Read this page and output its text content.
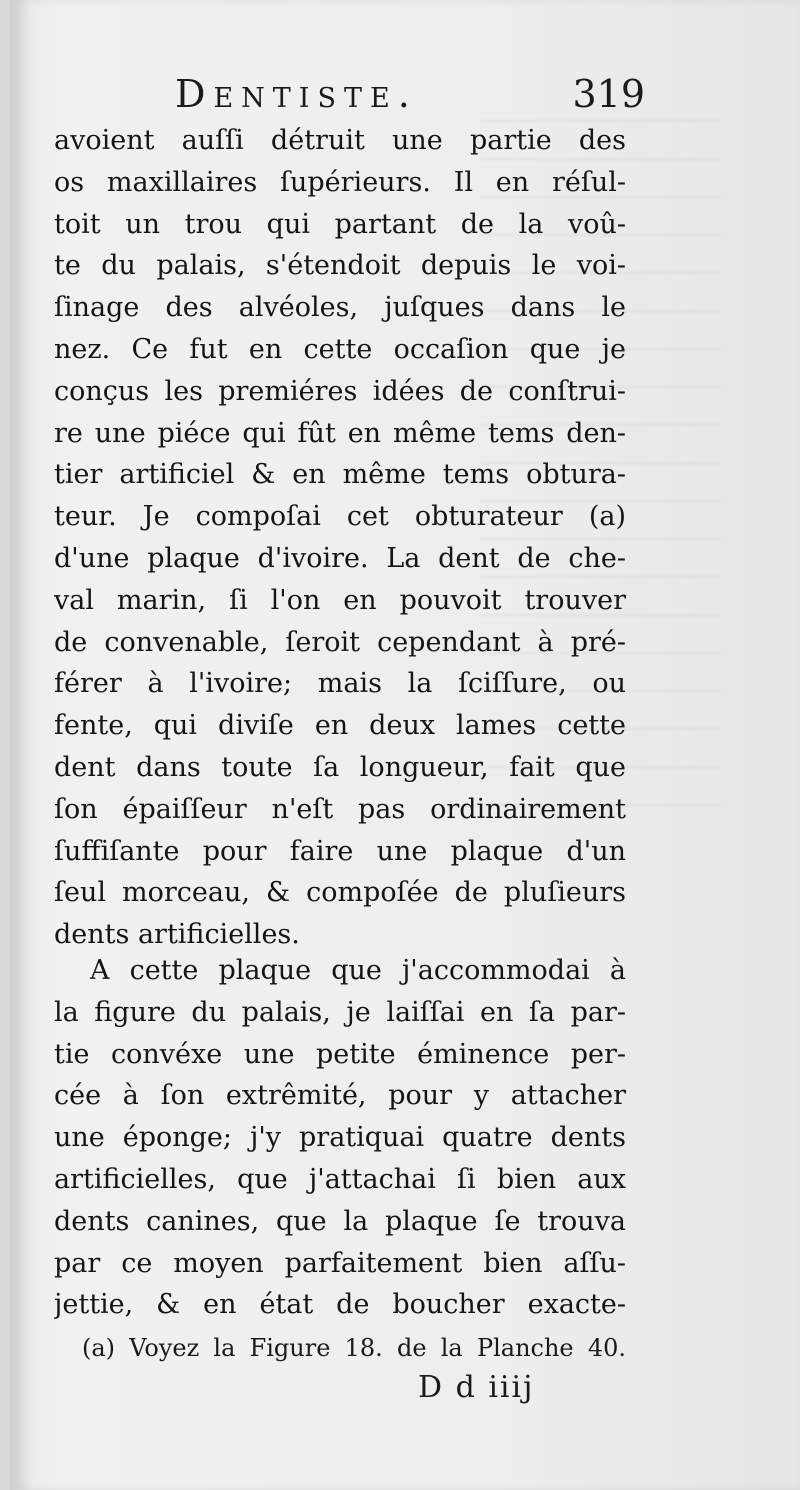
Dentiste.	319
avoient auſſi détruit une partie des
os maxillaires ſupérieurs. Il en réſul-
toit un trou qui partant de la voû-
te du palais, s'étendoit depuis le voi-
ſinage des alvéoles, juſques dans le
nez. Ce fut en cette occaſion que je
conçus les premiéres idées de conſtrui-
re une piéce qui fût en même tems den-
tier artificiel & en même tems obtura-
teur. Je compoſai cet obturateur (a)
d'une plaque d'ivoire. La dent de che-
val marin, ſi l'on en pouvoit trouver
de convenable, ſeroit cependant à pré-
férer à l'ivoire; mais la ſciſſure, ou
fente, qui diviſe en deux lames cette
dent dans toute ſa longueur, fait que
ſon épaiſſeur n'eſt pas ordinairement
ſuffiſante pour faire une plaque d'un
ſeul morceau, & compoſée de pluſieurs
dents artificielles.
A cette plaque que j'accommodai à
la figure du palais, je laiſſai en ſa par-
tie convéxe une petite éminence per-
cée à ſon extrêmité, pour y attacher
une éponge; j'y pratiquai quatre dents
artificielles, que j'attachai ſi bien aux
dents canines, que la plaque ſe trouva
par ce moyen parfaitement bien aſſu-
jettie, & en état de boucher exacte-
(a) Voyez la Figure 18. de la Planche 40.
D d iiij
